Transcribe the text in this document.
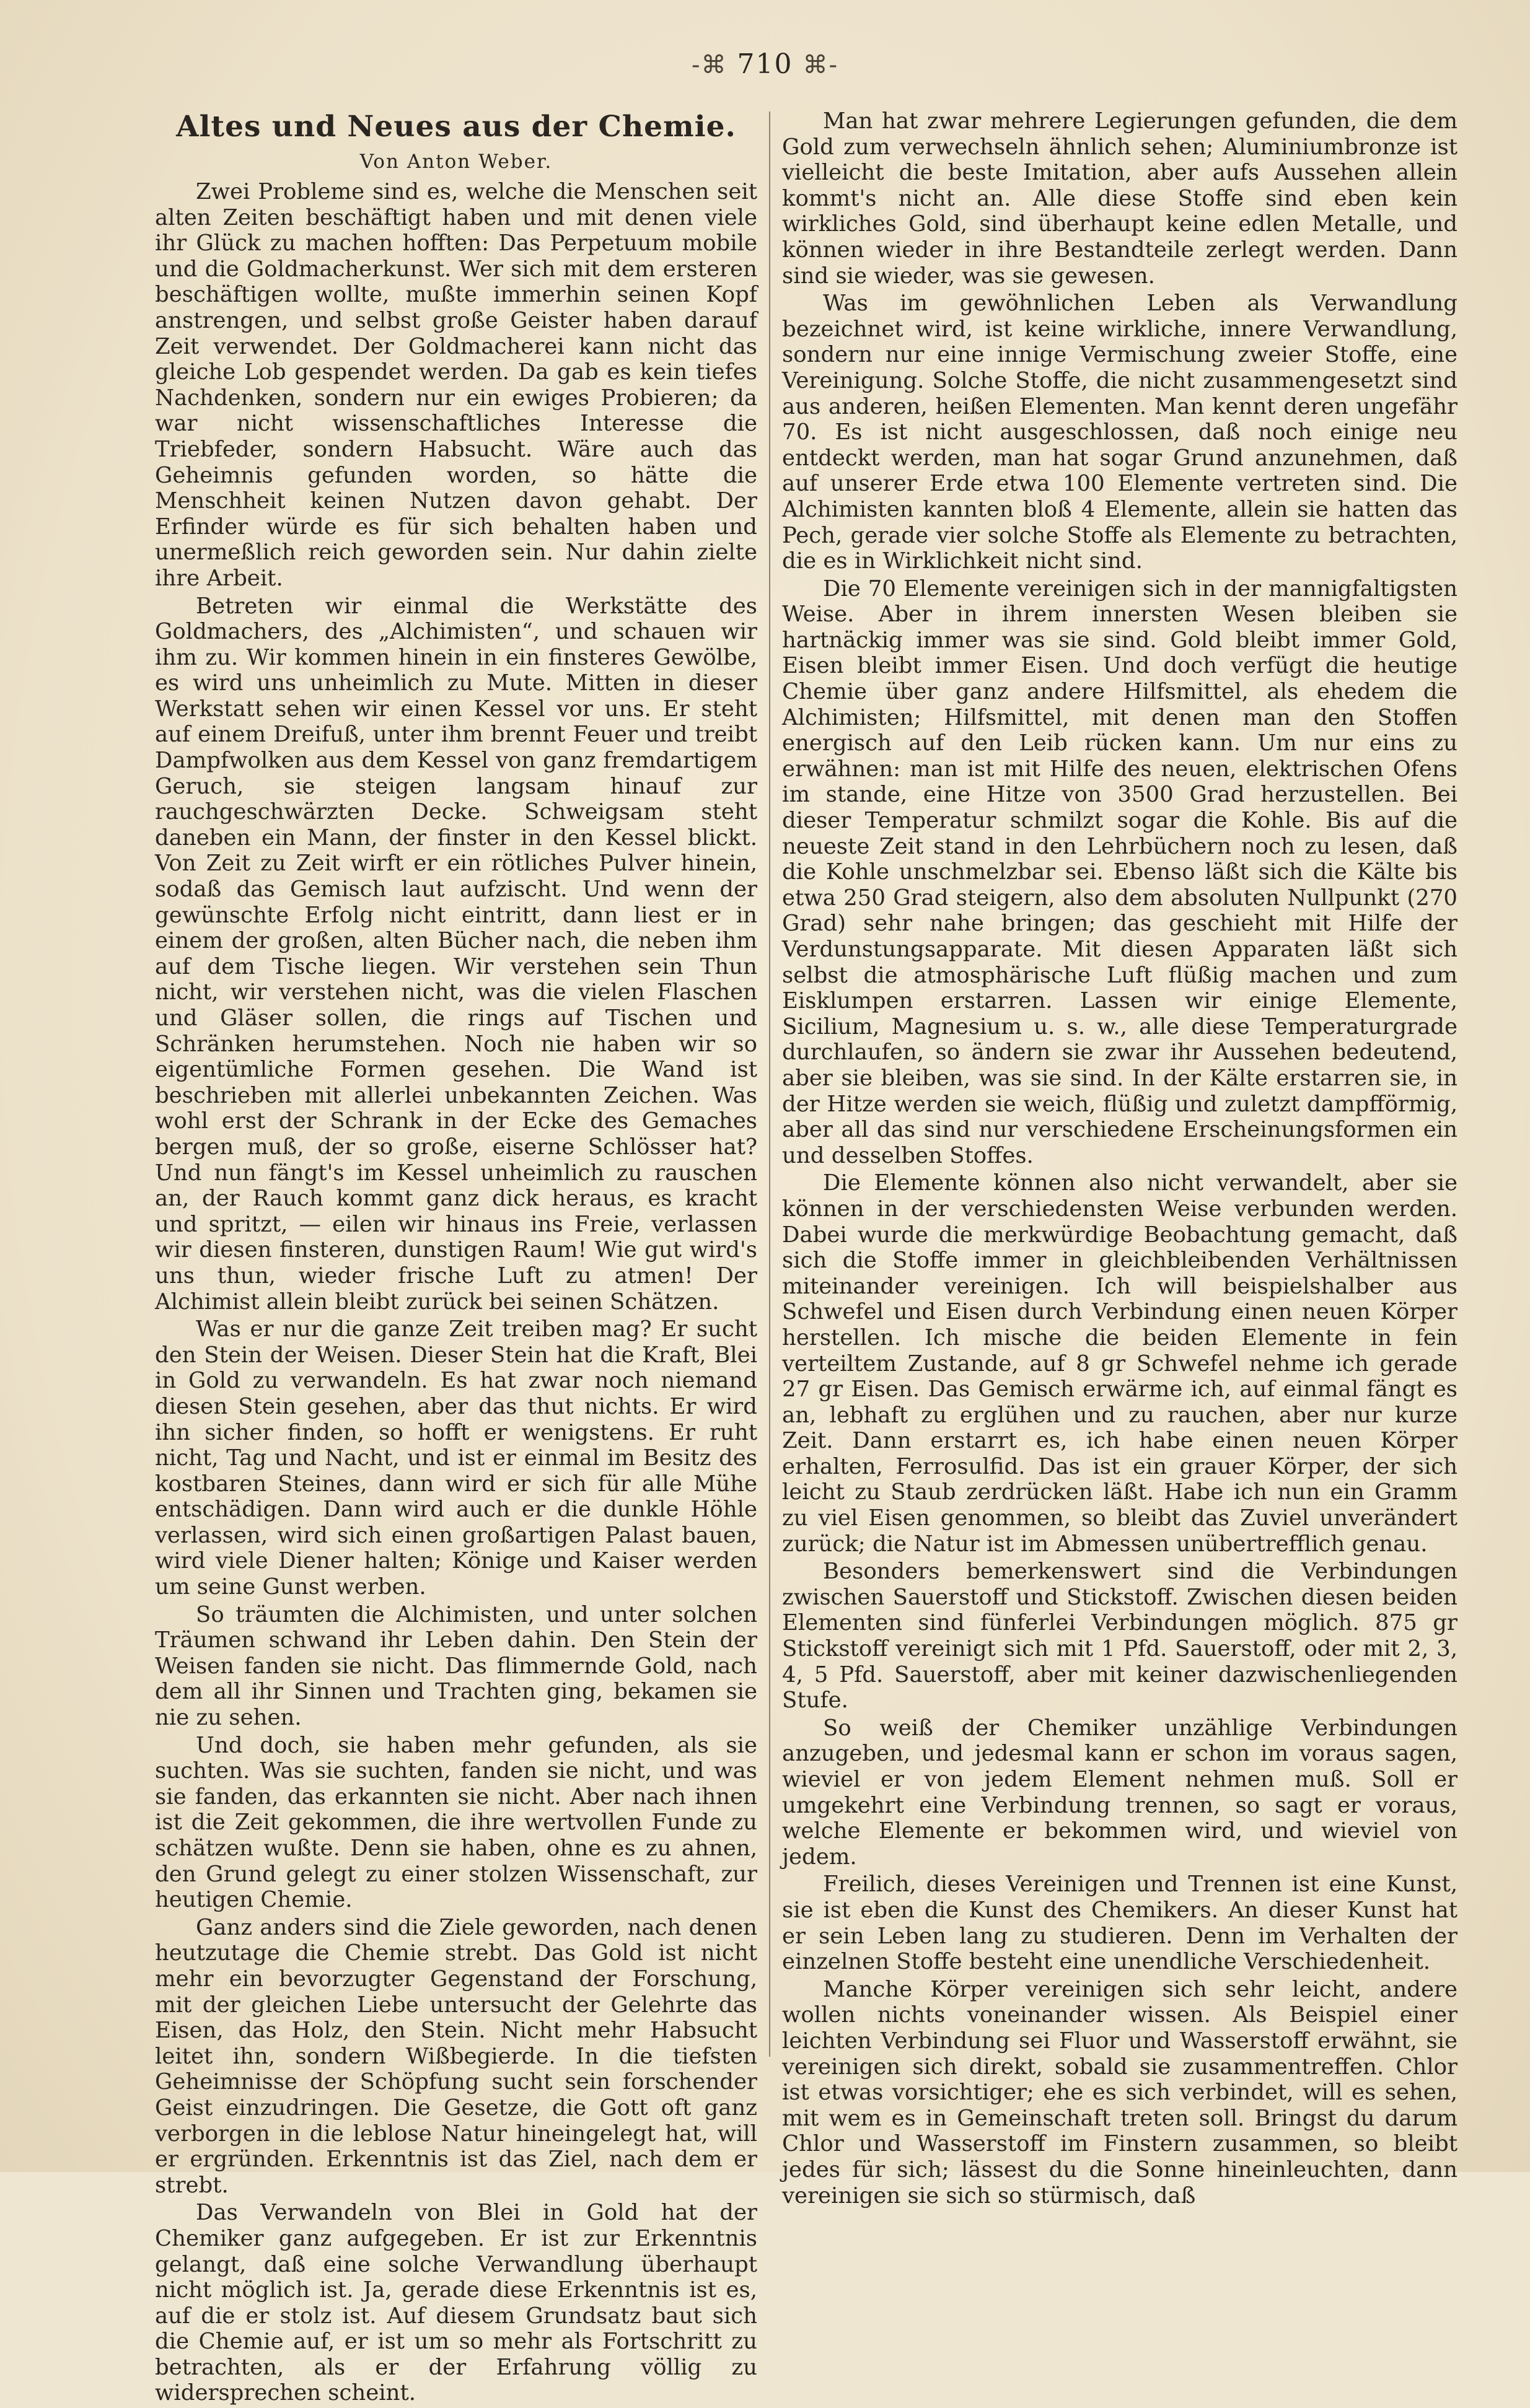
-⌘ 710 ⌘-
Altes und Neues aus der Chemie.
Von Anton Weber.

Zwei Probleme sind es, welche die Menschen seit alten Zeiten beschäftigt haben und mit denen viele ihr Glück zu machen hofften: Das Perpetuum mobile und die Goldmacherkunst. Wer sich mit dem ersteren beschäftigen wollte, mußte immerhin seinen Kopf anstrengen, und selbst große Geister haben darauf Zeit verwendet. Der Goldmacherei kann nicht das gleiche Lob gespendet werden. Da gab es kein tiefes Nachdenken, sondern nur ein ewiges Probieren; da war nicht wissenschaftliches Interesse die Triebfeder, sondern Habsucht. Wäre auch das Geheimnis gefunden worden, so hätte die Menschheit keinen Nutzen davon gehabt. Der Erfinder würde es für sich behalten haben und unermeßlich reich geworden sein. Nur dahin zielte ihre Arbeit.

Betreten wir einmal die Werkstätte des Goldmachers, des „Alchimisten“, und schauen wir ihm zu. Wir kommen hinein in ein finsteres Gewölbe, es wird uns unheimlich zu Mute. Mitten in dieser Werkstatt sehen wir einen Kessel vor uns. Er steht auf einem Dreifuß, unter ihm brennt Feuer und treibt Dampfwolken aus dem Kessel von ganz fremdartigem Geruch, sie steigen langsam hinauf zur rauchgeschwärzten Decke. Schweigsam steht daneben ein Mann, der finster in den Kessel blickt. Von Zeit zu Zeit wirft er ein rötliches Pulver hinein, sodaß das Gemisch laut aufzischt. Und wenn der gewünschte Erfolg nicht eintritt, dann liest er in einem der großen, alten Bücher nach, die neben ihm auf dem Tische liegen. Wir verstehen sein Thun nicht, wir verstehen nicht, was die vielen Flaschen und Gläser sollen, die rings auf Tischen und Schränken herumstehen. Noch nie haben wir so eigentümliche Formen gesehen. Die Wand ist beschrieben mit allerlei unbekannten Zeichen. Was wohl erst der Schrank in der Ecke des Gemaches bergen muß, der so große, eiserne Schlösser hat? Und nun fängt's im Kessel unheimlich zu rauschen an, der Rauch kommt ganz dick heraus, es kracht und spritzt, — eilen wir hinaus ins Freie, verlassen wir diesen finsteren, dunstigen Raum! Wie gut wird's uns thun, wieder frische Luft zu atmen! Der Alchimist allein bleibt zurück bei seinen Schätzen.

Was er nur die ganze Zeit treiben mag? Er sucht den Stein der Weisen. Dieser Stein hat die Kraft, Blei in Gold zu verwandeln. Es hat zwar noch niemand diesen Stein gesehen, aber das thut nichts. Er wird ihn sicher finden, so hofft er wenigstens. Er ruht nicht, Tag und Nacht, und ist er einmal im Besitz des kostbaren Steines, dann wird er sich für alle Mühe entschädigen. Dann wird auch er die dunkle Höhle verlassen, wird sich einen großartigen Palast bauen, wird viele Diener halten; Könige und Kaiser werden um seine Gunst werben.

So träumten die Alchimisten, und unter solchen Träumen schwand ihr Leben dahin. Den Stein der Weisen fanden sie nicht. Das flimmernde Gold, nach dem all ihr Sinnen und Trachten ging, bekamen sie nie zu sehen.

Und doch, sie haben mehr gefunden, als sie suchten. Was sie suchten, fanden sie nicht, und was sie fanden, das erkannten sie nicht. Aber nach ihnen ist die Zeit gekommen, die ihre wertvollen Funde zu schätzen wußte. Denn sie haben, ohne es zu ahnen, den Grund gelegt zu einer stolzen Wissenschaft, zur heutigen Chemie.

Ganz anders sind die Ziele geworden, nach denen heutzutage die Chemie strebt. Das Gold ist nicht mehr ein bevorzugter Gegenstand der Forschung, mit der gleichen Liebe untersucht der Gelehrte das Eisen, das Holz, den Stein. Nicht mehr Habsucht leitet ihn, sondern Wißbegierde. In die tiefsten Geheimnisse der Schöpfung sucht sein forschender Geist einzudringen. Die Gesetze, die Gott oft ganz verborgen in die leblose Natur hineingelegt hat, will er ergründen. Erkenntnis ist das Ziel, nach dem er strebt.

Das Verwandeln von Blei in Gold hat der Chemiker ganz aufgegeben. Er ist zur Erkenntnis gelangt, daß eine solche Verwandlung überhaupt nicht möglich ist. Ja, gerade diese Erkenntnis ist es, auf die er stolz ist. Auf diesem Grundsatz baut sich die Chemie auf, er ist um so mehr als Fortschritt zu betrachten, als er der Erfahrung völlig zu widersprechen scheint.

Man hat zwar mehrere Legierungen gefunden, die dem Gold zum verwechseln ähnlich sehen; Aluminiumbronze ist vielleicht die beste Imitation, aber aufs Aussehen allein kommt's nicht an. Alle diese Stoffe sind eben kein wirkliches Gold, sind überhaupt keine edlen Metalle, und können wieder in ihre Bestandteile zerlegt werden. Dann sind sie wieder, was sie gewesen.

Was im gewöhnlichen Leben als Verwandlung bezeichnet wird, ist keine wirkliche, innere Verwandlung, sondern nur eine innige Vermischung zweier Stoffe, eine Vereinigung. Solche Stoffe, die nicht zusammengesetzt sind aus anderen, heißen Elementen. Man kennt deren ungefähr 70. Es ist nicht ausgeschlossen, daß noch einige neu entdeckt werden, man hat sogar Grund anzunehmen, daß auf unserer Erde etwa 100 Elemente vertreten sind. Die Alchimisten kannten bloß 4 Elemente, allein sie hatten das Pech, gerade vier solche Stoffe als Elemente zu betrachten, die es in Wirklichkeit nicht sind.

Die 70 Elemente vereinigen sich in der mannigfaltigsten Weise. Aber in ihrem innersten Wesen bleiben sie hartnäckig immer was sie sind. Gold bleibt immer Gold, Eisen bleibt immer Eisen. Und doch verfügt die heutige Chemie über ganz andere Hilfsmittel, als ehedem die Alchimisten; Hilfsmittel, mit denen man den Stoffen energisch auf den Leib rücken kann. Um nur eins zu erwähnen: man ist mit Hilfe des neuen, elektrischen Ofens im stande, eine Hitze von 3500 Grad herzustellen. Bei dieser Temperatur schmilzt sogar die Kohle. Bis auf die neueste Zeit stand in den Lehrbüchern noch zu lesen, daß die Kohle unschmelzbar sei. Ebenso läßt sich die Kälte bis etwa 250 Grad steigern, also dem absoluten Nullpunkt (270 Grad) sehr nahe bringen; das geschieht mit Hilfe der Verdunstungsapparate. Mit diesen Apparaten läßt sich selbst die atmosphärische Luft flüßig machen und zum Eisklumpen erstarren. Lassen wir einige Elemente, Sicilium, Magnesium u. s. w., alle diese Temperaturgrade durchlaufen, so ändern sie zwar ihr Aussehen bedeutend, aber sie bleiben, was sie sind. In der Kälte erstarren sie, in der Hitze werden sie weich, flüßig und zuletzt dampfförmig, aber all das sind nur verschiedene Erscheinungsformen ein und desselben Stoffes.

Die Elemente können also nicht verwandelt, aber sie können in der verschiedensten Weise verbunden werden. Dabei wurde die merkwürdige Beobachtung gemacht, daß sich die Stoffe immer in gleichbleibenden Verhältnissen miteinander vereinigen. Ich will beispielshalber aus Schwefel und Eisen durch Verbindung einen neuen Körper herstellen. Ich mische die beiden Elemente in fein verteiltem Zustande, auf 8 gr Schwefel nehme ich gerade 27 gr Eisen. Das Gemisch erwärme ich, auf einmal fängt es an, lebhaft zu erglühen und zu rauchen, aber nur kurze Zeit. Dann erstarrt es, ich habe einen neuen Körper erhalten, Ferrosulfid. Das ist ein grauer Körper, der sich leicht zu Staub zerdrücken läßt. Habe ich nun ein Gramm zu viel Eisen genommen, so bleibt das Zuviel unverändert zurück; die Natur ist im Abmessen unübertrefflich genau.

Besonders bemerkenswert sind die Verbindungen zwischen Sauerstoff und Stickstoff. Zwischen diesen beiden Elementen sind fünferlei Verbindungen möglich. 875 gr Stickstoff vereinigt sich mit 1 Pfd. Sauerstoff, oder mit 2, 3, 4, 5 Pfd. Sauerstoff, aber mit keiner dazwischenliegenden Stufe.

So weiß der Chemiker unzählige Verbindungen anzugeben, und jedesmal kann er schon im voraus sagen, wieviel er von jedem Element nehmen muß. Soll er umgekehrt eine Verbindung trennen, so sagt er voraus, welche Elemente er bekommen wird, und wieviel von jedem.

Freilich, dieses Vereinigen und Trennen ist eine Kunst, sie ist eben die Kunst des Chemikers. An dieser Kunst hat er sein Leben lang zu studieren. Denn im Verhalten der einzelnen Stoffe besteht eine unendliche Verschiedenheit.

Manche Körper vereinigen sich sehr leicht, andere wollen nichts voneinander wissen. Als Beispiel einer leichten Verbindung sei Fluor und Wasserstoff erwähnt, sie vereinigen sich direkt, sobald sie zusammentreffen. Chlor ist etwas vorsichtiger; ehe es sich verbindet, will es sehen, mit wem es in Gemeinschaft treten soll. Bringst du darum Chlor und Wasserstoff im Finstern zusammen, so bleibt jedes für sich; lässest du die Sonne hineinleuchten, dann vereinigen sie sich so stürmisch, daß
